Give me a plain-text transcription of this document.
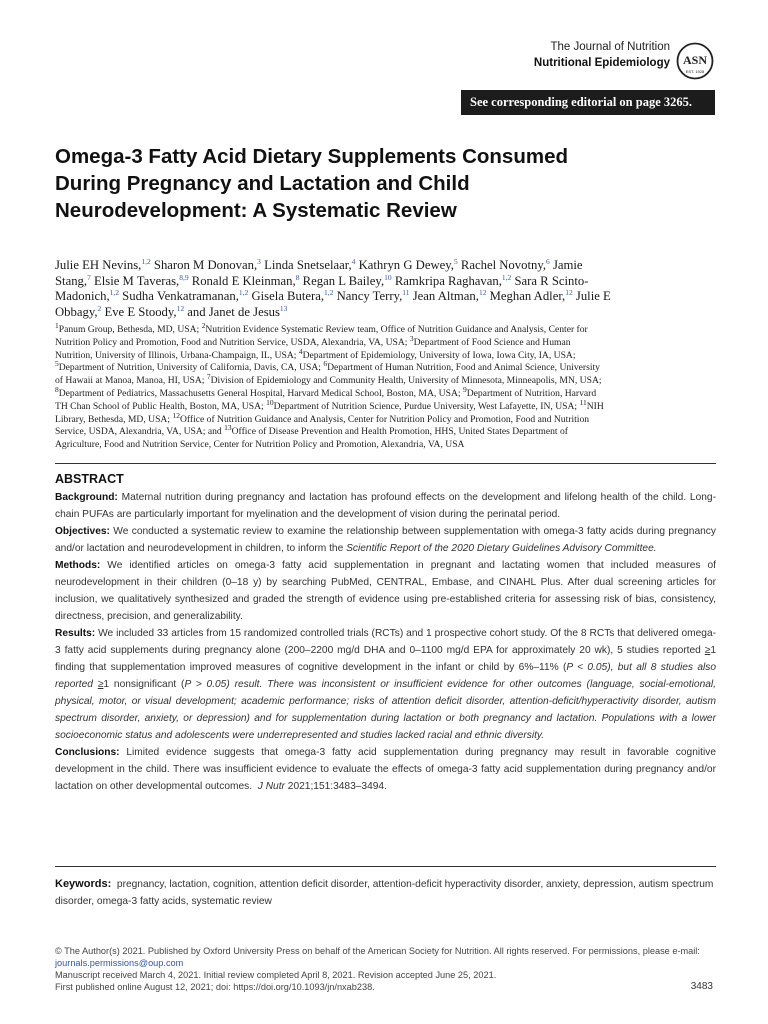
The Journal of Nutrition
Nutritional Epidemiology ASN
EST. 1928
See corresponding editorial on page 3265.
Omega-3 Fatty Acid Dietary Supplements Consumed During Pregnancy and Lactation and Child Neurodevelopment: A Systematic Review
Julie EH Nevins,$^{1,2}$ Sharon M Donovan,$^3$ Linda Snetselaar,$^4$ Kathryn G Dewey,$^5$ Rachel Novotny,$^6$ Jamie Stang,$^7$ Elsie M Taveras,$^{8,9}$ Ronald E Kleinman,$^8$ Regan L Bailey,$^{10}$ Ramkripa Raghavan,$^{1,2}$ Sara R Scinto-Madonich,$^{1,2}$ Sudha Venkatramanan,$^{1,2}$ Gisela Butera,$^{1,2}$ Nancy Terry,$^{11}$ Jean Altman,$^{12}$ Meghan Adler,$^{12}$ Julie E Obbagy,$^2$ Eve E Stoody,$^{12}$ and Janet de Jesus$^{13}$
$^1$Panum Group, Bethesda, MD, USA; $^2$Nutrition Evidence Systematic Review team, Office of Nutrition Guidance and Analysis, Center for Nutrition Policy and Promotion, Food and Nutrition Service, USDA, Alexandria, VA, USA; $^3$Department of Food Science and Human Nutrition, University of Illinois, Urbana-Champaign, IL, USA; $^4$Department of Epidemiology, University of Iowa, Iowa City, IA, USA; $^5$Department of Nutrition, University of California, Davis, CA, USA; $^6$Department of Human Nutrition, Food and Animal Science, University of Hawaii at Manoa, Manoa, HI, USA; $^7$Division of Epidemiology and Community Health, University of Minnesota, Minneapolis, MN, USA; $^8$Department of Pediatrics, Massachusetts General Hospital, Harvard Medical School, Boston, MA, USA; $^9$Department of Nutrition, Harvard TH Chan School of Public Health, Boston, MA, USA; $^{10}$Department of Nutrition Science, Purdue University, West Lafayette, IN, USA; $^{11}$NIH Library, Bethesda, MD, USA; $^{12}$Office of Nutrition Guidance and Analysis, Center for Nutrition Policy and Promotion, Food and Nutrition Service, USDA, Alexandria, VA, USA; and $^{13}$Office of Disease Prevention and Health Promotion, HHS, United States Department of Agriculture, Food and Nutrition Service, Center for Nutrition Policy and Promotion, Alexandria, VA, USA
ABSTRACT

Background: Maternal nutrition during pregnancy and lactation has profound effects on the development and lifelong health of the child. Long-chain PUFAs are particularly important for myelination and the development of vision during the perinatal period.

Objectives: We conducted a systematic review to examine the relationship between supplementation with omega-3 fatty acids during pregnancy and/or lactation and neurodevelopment in children, to inform the Scientific Report of the 2020 Dietary Guidelines Advisory Committee.

Methods: We identified articles on omega-3 fatty acid supplementation in pregnant and lactating women that included measures of neurodevelopment in their children (0–18 y) by searching PubMed, CENTRAL, Embase, and CINAHL Plus. After dual screening articles for inclusion, we qualitatively synthesized and graded the strength of evidence using pre-established criteria for assessing risk of bias, consistency, directness, precision, and generalizability.

Results: We included 33 articles from 15 randomized controlled trials (RCTs) and 1 prospective cohort study. Of the 8 RCTs that delivered omega-3 fatty acid supplements during pregnancy alone (200–2200 mg/d DHA and 0–1100 mg/d EPA for approximately 20 wk), 5 studies reported ≥1 finding that supplementation improved measures of cognitive development in the infant or child by 6%–11% (P < 0.05), but all 8 studies also reported ≥1 nonsignificant (P > 0.05) result. There was inconsistent or insufficient evidence for other outcomes (language, social-emotional, physical, motor, or visual development; academic performance; risks of attention deficit disorder, attention-deficit/hyperactivity disorder, autism spectrum disorder, anxiety, or depression) and for supplementation during lactation or both pregnancy and lactation. Populations with a lower socioeconomic status and adolescents were underrepresented and studies lacked racial and ethnic diversity.

Conclusions: Limited evidence suggests that omega-3 fatty acid supplementation during pregnancy may result in favorable cognitive development in the child. There was insufficient evidence to evaluate the effects of omega-3 fatty acid supplementation during pregnancy and/or lactation on other developmental outcomes. J Nutr 2021;151:3483–3494.

Keywords: pregnancy, lactation, cognition, attention deficit disorder, attention-deficit hyperactivity disorder, anxiety, depression, autism spectrum disorder, omega-3 fatty acids, systematic review
© The Author(s) 2021. Published by Oxford University Press on behalf of the American Society for Nutrition. All rights reserved. For permissions, please e-mail: journals.permissions@oup.com
Manuscript received March 4, 2021. Initial review completed April 8, 2021. Revision accepted June 25, 2021.
First published online August 12, 2021; doi: https://doi.org/10.1093/jn/nxab238.	3483
